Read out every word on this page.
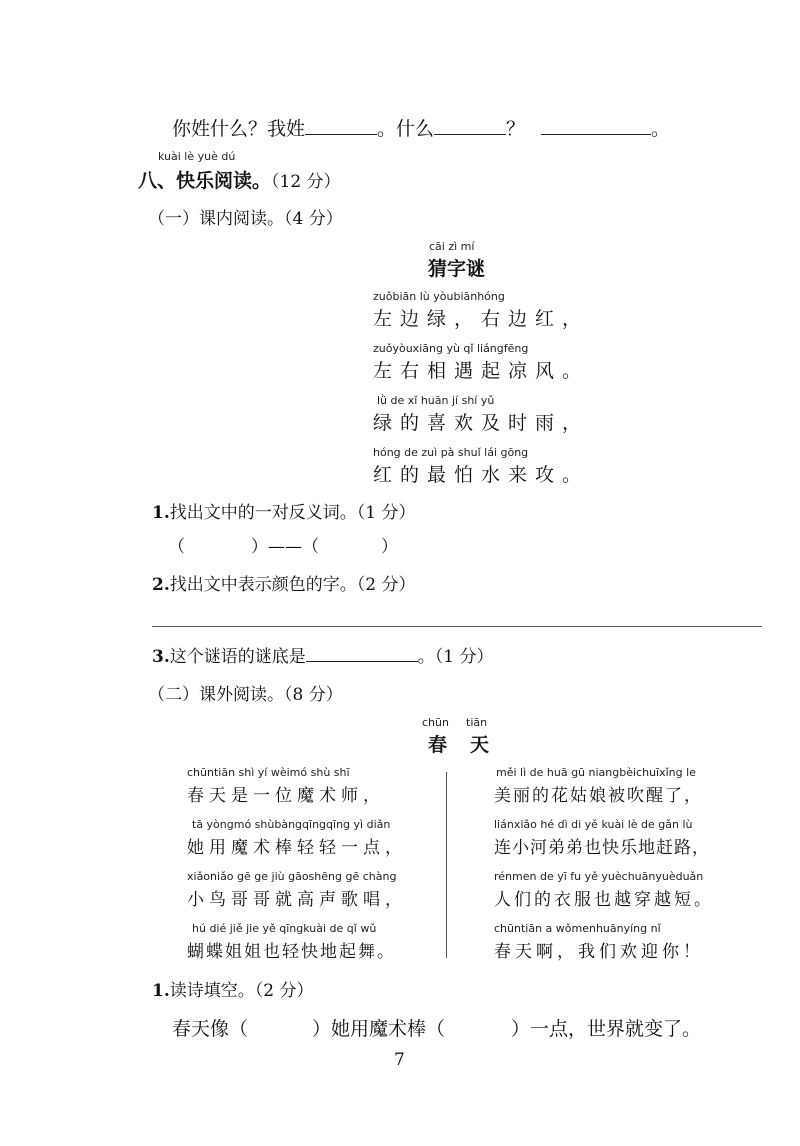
你姓什么？我姓	。什么	？	。
kuài lè yuè dú
八、快乐阅读。（12 分）
（一）课内阅读。（4 分）
cāi zì mí
猜字谜
zuǒbiān lù yòubiānhóng
左边绿，右边红，
zuǒyòuxiāng yù qǐ liángfēng
左右相遇起凉风。
lǜ de xǐ huān jí shí yǔ
绿的喜欢及时雨，
hóng de zuì pà shuǐ lái gōng
红的最怕水来攻。
1.找出文中的一对反义词。（1 分）
（	）——（	）
2.找出文中表示颜色的字。（2 分）
3.这个谜语的谜底是	。（1 分）
（二）课外阅读。（8 分）
chūn tiān
春 天
chūntiān shì yí wèimó shù shī
春天是一位魔术师，
tā yòngmó shùbàngqīngqīng yì diǎn
她用魔术棒轻轻一点，
xiǎoniǎo gē ge jiù gāoshēng gē chàng
小鸟哥哥就高声歌唱，
hú dié jiě jie yě qīngkuài de qǐ wǔ
蝴蝶姐姐也轻快地起舞。
měi lì de huā gū niangbèichuīxǐng le
美丽的花姑娘被吹醒了，
liánxiǎo hé dì di yě kuài lè de gǎn lù
连小河弟弟也快乐地赶路，
rénmen de yī fu yě yuèchuānyuèduǎn
人们的衣服也越穿越短。
chūntiān a wǒmenhuānyíng nǐ
春天啊，我们欢迎你！
1.读诗填空。（2 分）
春天像（	）她用魔术棒（	）一点，世界就变了。
7
